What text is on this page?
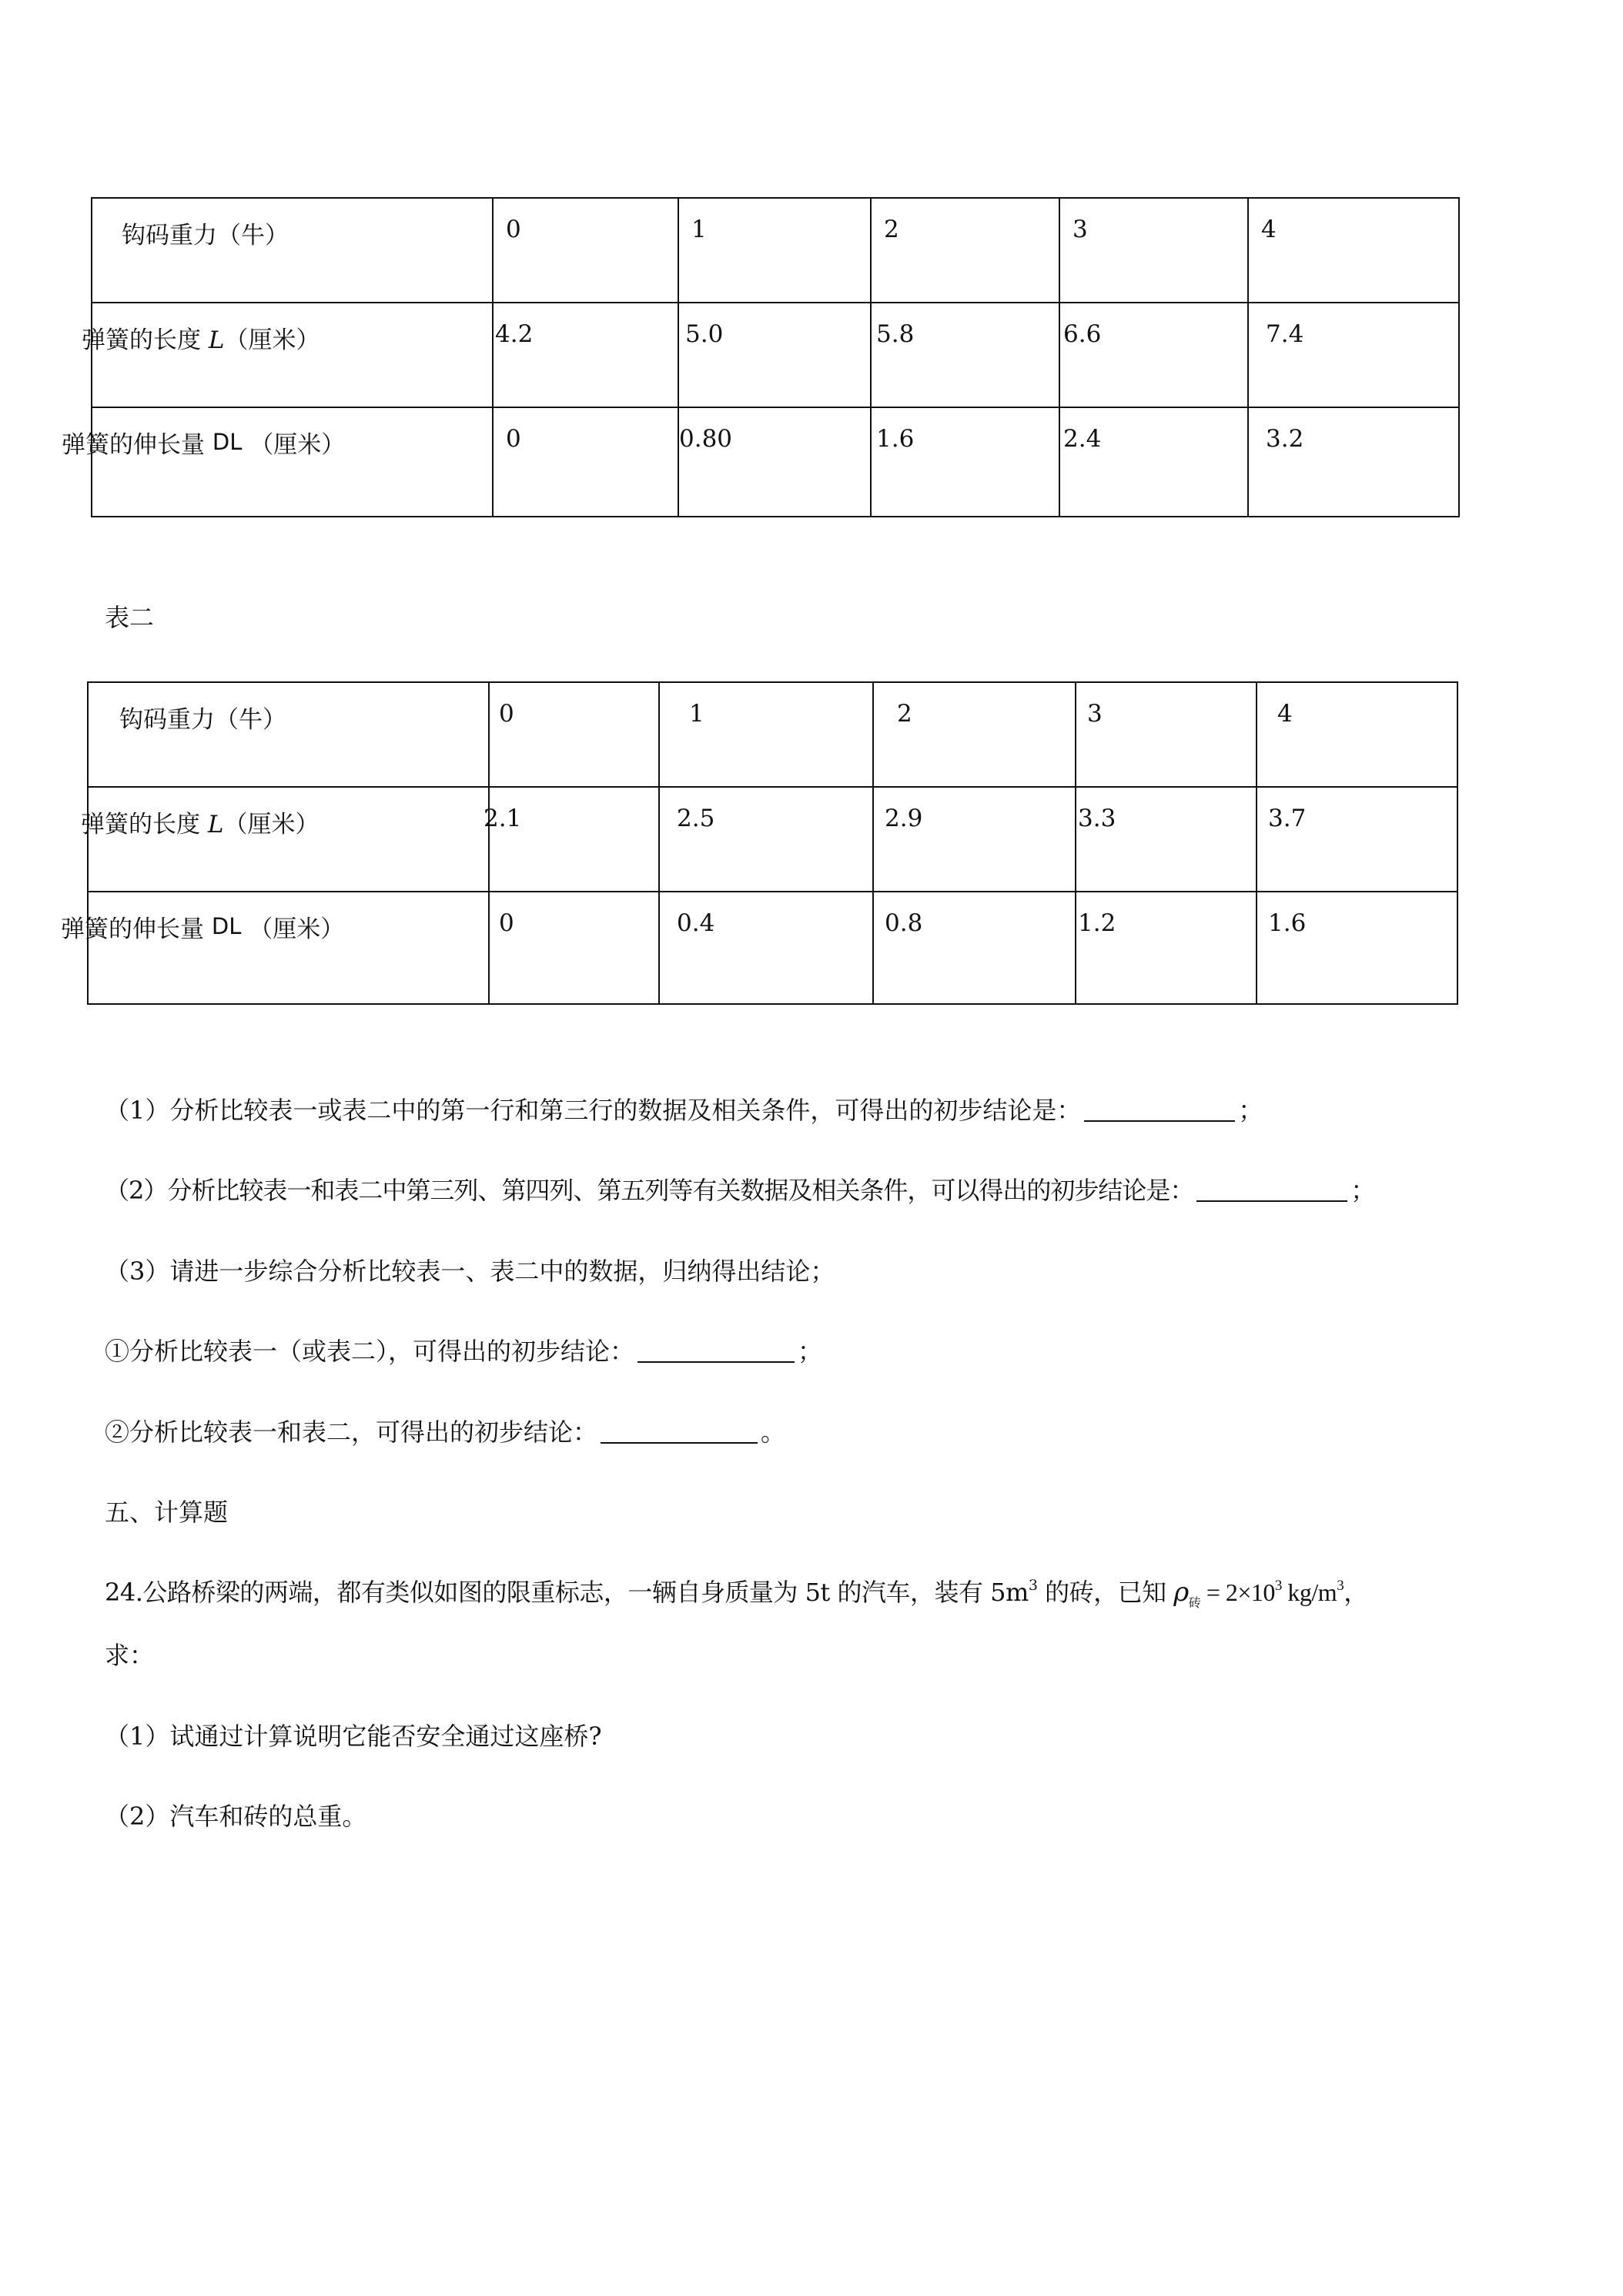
钩码重力（牛）	0	1	2	3	4
弹簧的长度 L（厘米）	4.2	5.0	5.8	6.6	7.4
弹簧的伸长量 DL （厘米）	0	0.80	1.6	2.4	3.2
表二
钩码重力（牛）	0	1	2	3	4
弹簧的长度 L（厘米）	2.1	2.5	2.9	3.3	3.7
弹簧的伸长量 DL （厘米）	0	0.4	0.8	1.2	1.6
（1）分析比较表一或表二中的第一行和第三行的数据及相关条件，可得出的初步结论是：	；
（2）分析比较表一和表二中第三列、第四列、第五列等有关数据及相关条件，可以得出的初步结论是：	；
（3）请进一步综合分析比较表一、表二中的数据，归纳得出结论；
①分析比较表一（或表二），可得出的初步结论：	；
②分析比较表一和表二，可得出的初步结论：	。
五、计算题
24.公路桥梁的两端，都有类似如图的限重标志，一辆自身质量为 5t 的汽车，装有 $5m^3$ 的砖，已知 $\rho_砖 = 2\times 10^3$ $kg/m^3$，
求：
（1）试通过计算说明它能否安全通过这座桥?
（2）汽车和砖的总重。
